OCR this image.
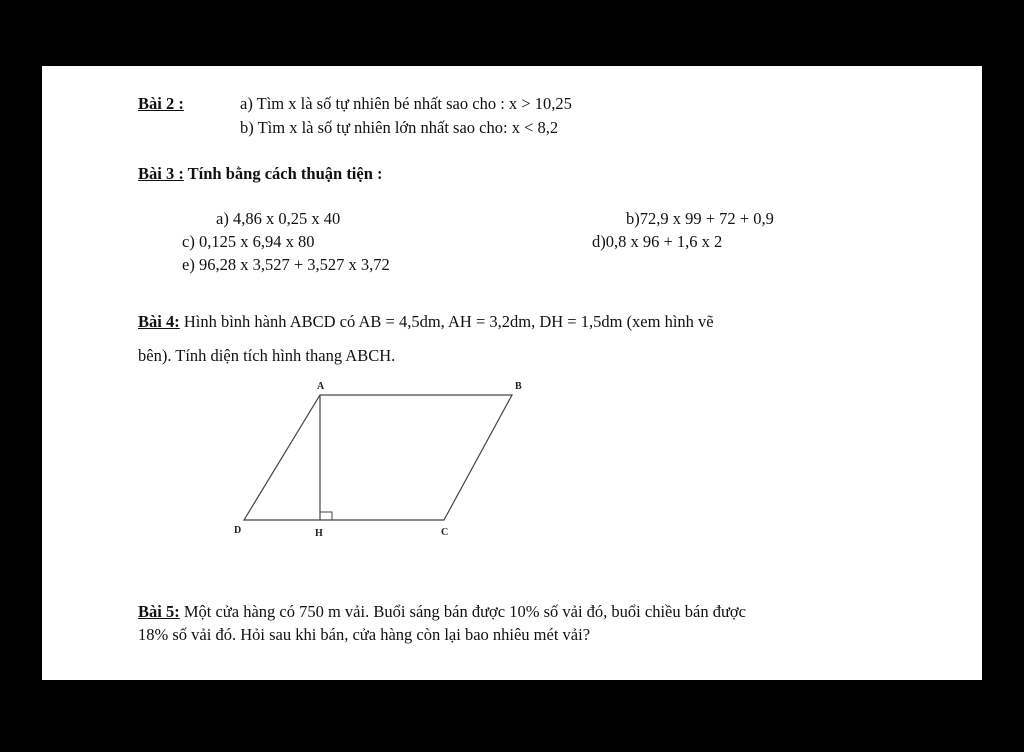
Bài 2 :	a) Tìm x là số tự nhiên bé nhất sao cho : x > 10,25
b) Tìm x là số tự nhiên lớn nhất sao cho: x < 8,2
Bài 3 : Tính bằng cách thuận tiện :
a) 4,86 x 0,25 x 40	b)72,9 x 99 + 72 + 0,9
c) 0,125 x 6,94 x 80	d)0,8 x 96 + 1,6 x 2
e) 96,28 x 3,527 + 3,527 x 3,72
Bài 4: Hình bình hành ABCD có AB = 4,5dm, AH = 3,2dm, DH = 1,5dm (xem hình vẽ
bên). Tính diện tích hình thang ABCH.
A	B
C
D	H
Bài 5: Một cửa hàng có 750 m vải. Buổi sáng bán được 10% số vải đó, buổi chiều bán được
18% số vải đó. Hỏi sau khi bán, cửa hàng còn lại bao nhiêu mét vải?
